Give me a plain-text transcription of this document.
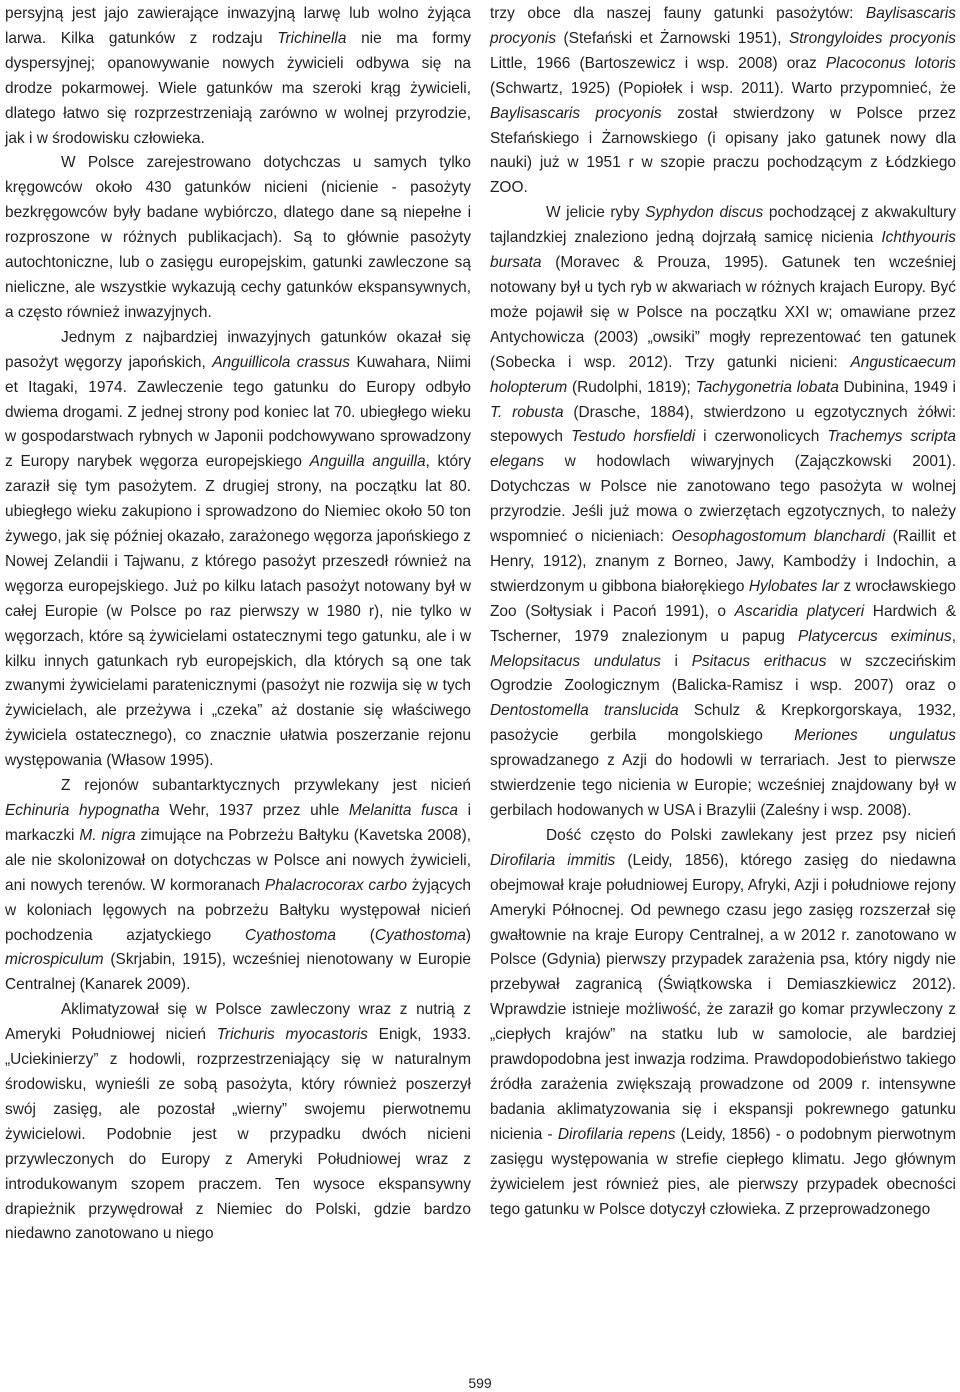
persyjną jest jajo zawierające inwazyjną larwę lub wolno żyjąca larwa. Kilka gatunków z rodzaju Trichinella nie ma formy dyspersyjnej; opanowywanie nowych żywicieli odbywa się na drodze pokarmowej. Wiele gatunków ma szeroki krąg żywicieli, dlatego łatwo się rozprzestrzeniają zarówno w wolnej przyrodzie, jak i w środowisku człowieka.

W Polsce zarejestrowano dotychczas u samych tylko kręgowców około 430 gatunków nicieni (nicienie - pasożyty bezkręgowców były badane wybiórczo, dlatego dane są niepełne i rozproszone w różnych publikacjach). Są to głównie pasożyty autochtoniczne, lub o zasięgu europejskim, gatunki zawleczone są nieliczne, ale wszystkie wykazują cechy gatunków ekspansywnych, a często również inwazyjnych.

Jednym z najbardziej inwazyjnych gatunków okazał się pasożyt węgorzy japońskich, Anguillicola crassus Kuwahara, Niimi et Itagaki, 1974. Zawleczenie tego gatunku do Europy odbyło dwiema drogami. Z jednej strony pod koniec lat 70. ubiegłego wieku w gospodarstwach rybnych w Japonii podchowywano sprowadzony z Europy narybek węgorza europejskiego Anguilla anguilla, który zaraził się tym pasożytem. Z drugiej strony, na początku lat 80. ubiegłego wieku zakupiono i sprowadzono do Niemiec około 50 ton żywego, jak się później okazało, zarażonego węgorza japońskiego z Nowej Zelandii i Tajwanu, z którego pasożyt przeszedł również na węgorza europejskiego. Już po kilku latach pasożyt notowany był w całej Europie (w Polsce po raz pierwszy w 1980 r), nie tylko w węgorzach, które są żywicielami ostatecznymi tego gatunku, ale i w kilku innych gatunkach ryb europejskich, dla których są one tak zwanymi żywicielami paratenicznymi (pasożyt nie rozwija się w tych żywicielach, ale przeżywa i „czeka” aż dostanie się właściwego żywiciela ostatecznego), co znacznie ułatwia poszerzanie rejonu występowania (Własow 1995).

Z rejonów subantarktycznych przywlekany jest nicień Echinuria hypognatha Wehr, 1937 przez uhle Melanitta fusca i markaczki M. nigra zimujące na Pobrzeżu Bałtyku (Kavetska 2008), ale nie skolonizował on dotychczas w Polsce ani nowych żywicieli, ani nowych terenów. W kormoranach Phalacrocorax carbo żyjących w koloniach lęgowych na pobrzeżu Bałtyku występował nicień pochodzenia azjatyckiego Cyathostoma (Cyathostoma) microspiculum (Skrjabin, 1915), wcześniej nienotowany w Europie Centralnej (Kanarek 2009).

Aklimatyzował się w Polsce zawleczony wraz z nutrią z Ameryki Południowej nicień Trichuris myocastoris Enigk, 1933. „Uciekinierzy” z hodowli, rozprzestrzeniający się w naturalnym środowisku, wynieśli ze sobą pasożyta, który również poszerzył swój zasięg, ale pozostał „wierny” swojemu pierwotnemu żywicielowi. Podobnie jest w przypadku dwóch nicieni przywleczonych do Europy z Ameryki Południowej wraz z introdukowanym szopem praczem. Ten wysoce ekspansywny drapieżnik przywędrował z Niemiec do Polski, gdzie bardzo niedawno zanotowano u niego

trzy obce dla naszej fauny gatunki pasożytów: Baylisascaris procyonis (Stefański et Żarnowski 1951), Strongyloides procyonis Little, 1966 (Bartoszewicz i wsp. 2008) oraz Placoconus lotoris (Schwartz, 1925) (Popiołek i wsp. 2011). Warto przypomnieć, że Baylisascaris procyonis został stwierdzony w Polsce przez Stefańskiego i Żarnowskiego (i opisany jako gatunek nowy dla nauki) już w 1951 r w szopie praczu pochodzącym z Łódzkiego ZOO.

W jelicie ryby Syphydon discus pochodzącej z akwakultury tajlandzkiej znaleziono jedną dojrzałą samicę nicienia Ichthyouris bursata (Moravec & Prouza, 1995). Gatunek ten wcześniej notowany był u tych ryb w akwariach w różnych krajach Europy. Być może pojawił się w Polsce na początku XXI w; omawiane przez Antychowicza (2003) „owsiki” mogły reprezentować ten gatunek (Sobecka i wsp. 2012). Trzy gatunki nicieni: Angusticaecum holopterum (Rudolphi, 1819); Tachygonetria lobata Dubinina, 1949 i T. robusta (Drasche, 1884), stwierdzono u egzotycznych żółwi: stepowych Testudo horsfieldi i czerwonolicych Trachemys scripta elegans w hodowlach wiwaryjnych (Zajączkowski 2001). Dotychczas w Polsce nie zanotowano tego pasożyta w wolnej przyrodzie. Jeśli już mowa o zwierzętach egzotycznych, to należy wspomnieć o nicieniach: Oesophagostomum blanchardi (Raillit et Henry, 1912), znanym z Borneo, Jawy, Kambodży i Indochin, a stwierdzonym u gibbona białorękiego Hylobates lar z wrocławskiego Zoo (Sołtysiak i Pacoń 1991), o Ascaridia platyceri Hardwich & Tscherner, 1979 znalezionym u papug Platycercus eximinus, Melopsitacus undulatus i Psitacus erithacus w szczecińskim Ogrodzie Zoologicznym (Balicka-Ramisz i wsp. 2007) oraz o Dentostomella translucida Schulz & Krepkorgorskaya, 1932, pasożycie gerbila mongolskiego Meriones ungulatus sprowadzanego z Azji do hodowli w terrariach. Jest to pierwsze stwierdzenie tego nicienia w Europie; wcześniej znajdowany był w gerbilach hodowanych w USA i Brazylii (Zaleśny i wsp. 2008).

Dość często do Polski zawlekany jest przez psy nicień Dirofilaria immitis (Leidy, 1856), którego zasięg do niedawna obejmował kraje południowej Europy, Afryki, Azji i południowe rejony Ameryki Północnej. Od pewnego czasu jego zasięg rozszerzał się gwałtownie na kraje Europy Centralnej, a w 2012 r. zanotowano w Polsce (Gdynia) pierwszy przypadek zarażenia psa, który nigdy nie przebywał zagranicą (Świątkowska i Demiaszkiewicz 2012). Wprawdzie istnieje możliwość, że zaraził go komar przywleczony z „ciepłych krajów” na statku lub w samolocie, ale bardziej prawdopodobna jest inwazja rodzima. Prawdopodobieństwo takiego źródła zarażenia zwiększają prowadzone od 2009 r. intensywne badania aklimatyzowania się i ekspansji pokrewnego gatunku nicienia - Dirofilaria repens (Leidy, 1856) - o podobnym pierwotnym zasięgu występowania w strefie ciepłego klimatu. Jego głównym żywicielem jest również pies, ale pierwszy przypadek obecności tego gatunku w Polsce dotyczył człowieka. Z przeprowadzonego

599
